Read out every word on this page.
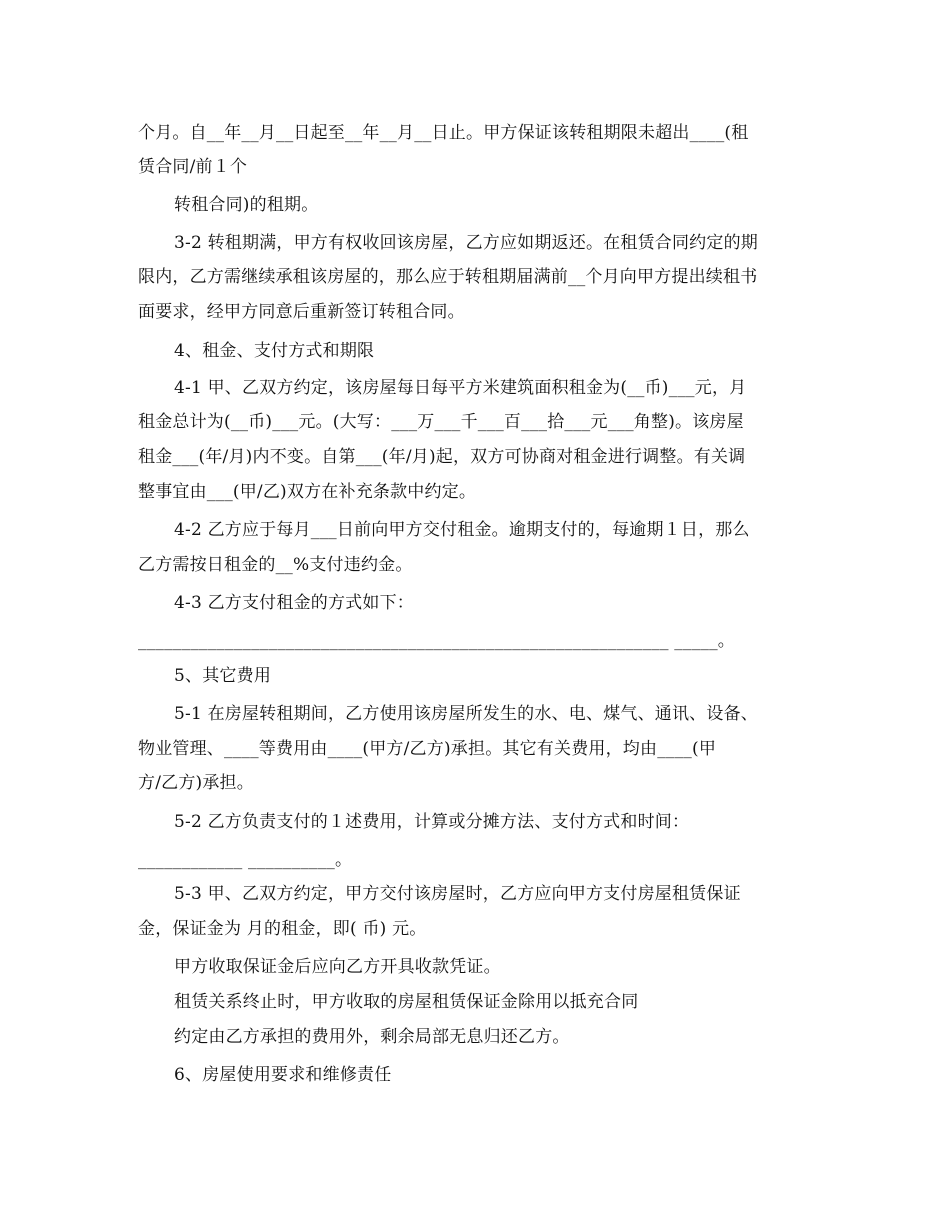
个月。自__年__月__日起至__年__月__日止。甲方保证该转租期限未超出____(租

赁合同/前１个

转租合同)的租期。

3-2 转租期满，甲方有权收回该房屋，乙方应如期返还。在租赁合同约定的期

限内，乙方需继续承租该房屋的，那么应于转租期届满前__个月向甲方提出续租书

面要求，经甲方同意后重新签订转租合同。

4、租金、支付方式和期限

4-1 甲、乙双方约定，该房屋每日每平方米建筑面积租金为(__币)___元，月

租金总计为(__币)___元。(大写：___万___千___百___拾___元___角整)。该房屋

租金___(年/月)内不变。自第___(年/月)起，双方可协商对租金进行调整。有关调

整事宜由___(甲/乙)双方在补充条款中约定。

4-2 乙方应于每月___日前向甲方交付租金。逾期支付的，每逾期１日，那么

乙方需按日租金的__%支付违约金。

4-3 乙方支付租金的方式如下：

_____________________________________________________________ _____。

5、其它费用

5-1 在房屋转租期间，乙方使用该房屋所发生的水、电、煤气、通讯、设备、

物业管理、____等费用由____(甲方/乙方)承担。其它有关费用，均由____(甲

方/乙方)承担。

5-2 乙方负责支付的１述费用，计算或分摊方法、支付方式和时间：

____________ __________。

5-3 甲、乙双方约定，甲方交付该房屋时，乙方应向甲方支付房屋租赁保证

金，保证金为 月的租金，即( 币) 元。

甲方收取保证金后应向乙方开具收款凭证。

租赁关系终止时，甲方收取的房屋租赁保证金除用以抵充合同

约定由乙方承担的费用外，剩余局部无息归还乙方。

6、房屋使用要求和维修责任
